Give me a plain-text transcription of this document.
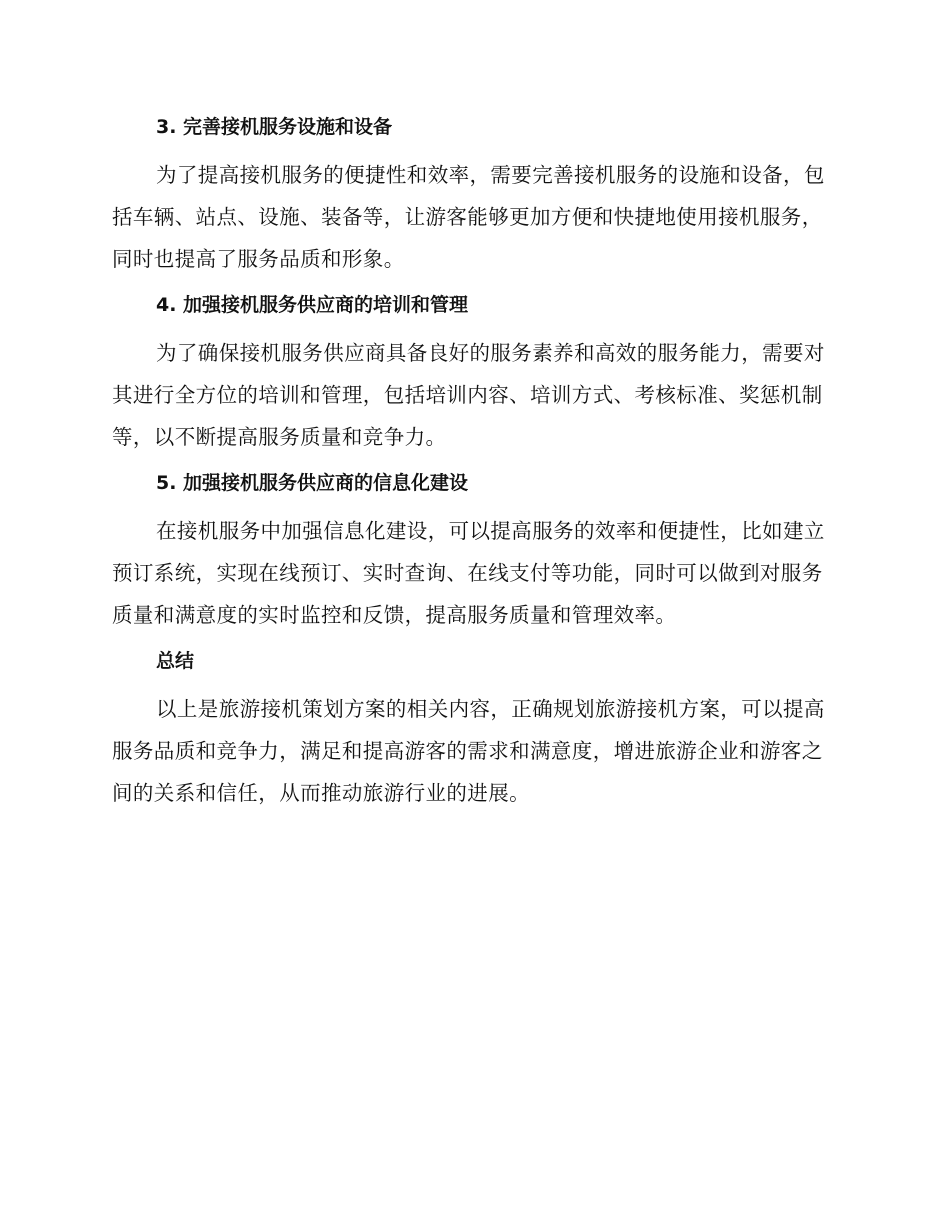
3. 完善接机服务设施和设备

为了提高接机服务的便捷性和效率，需要完善接机服务的设施和设备，包括车辆、站点、设施、装备等，让游客能够更加方便和快捷地使用接机服务，同时也提高了服务品质和形象。

4. 加强接机服务供应商的培训和管理

为了确保接机服务供应商具备良好的服务素养和高效的服务能力，需要对其进行全方位的培训和管理，包括培训内容、培训方式、考核标准、奖惩机制等，以不断提高服务质量和竞争力。

5. 加强接机服务供应商的信息化建设

在接机服务中加强信息化建设，可以提高服务的效率和便捷性，比如建立预订系统，实现在线预订、实时查询、在线支付等功能，同时可以做到对服务质量和满意度的实时监控和反馈，提高服务质量和管理效率。

总结

以上是旅游接机策划方案的相关内容，正确规划旅游接机方案，可以提高服务品质和竞争力，满足和提高游客的需求和满意度，增进旅游企业和游客之间的关系和信任，从而推动旅游行业的进展。
